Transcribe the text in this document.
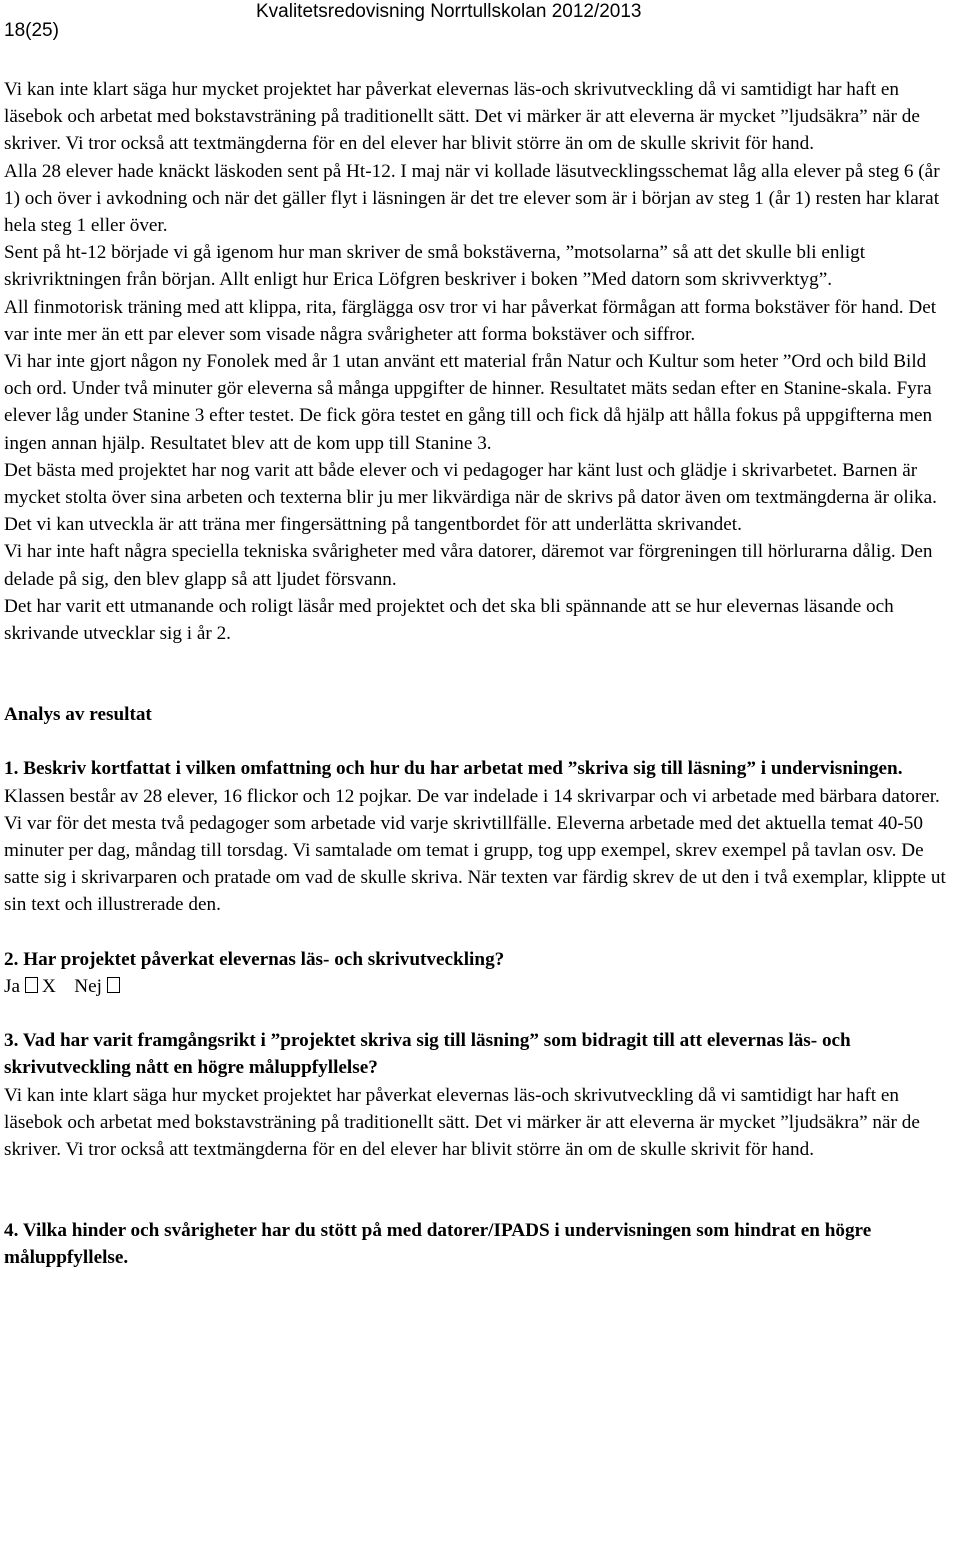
18(25)
Kvalitetsredovisning Norrtullskolan 2012/2013

Vi kan inte klart säga hur mycket projektet har påverkat elevernas läs-och skrivutveckling då vi samtidigt har haft en läsebok och arbetat med bokstavsträning på traditionellt sätt. Det vi märker är att eleverna är mycket ”ljudsäkra” när de skriver. Vi tror också att textmängderna för en del elever har blivit större än om de skulle skrivit för hand.

Alla 28 elever hade knäckt läskoden sent på Ht-12. I maj när vi kollade läsutvecklingsschemat låg alla elever på steg 6 (år 1) och över i avkodning och när det gäller flyt i läsningen är det tre elever som är i början av steg 1 (år 1) resten har klarat hela steg 1 eller över.

Sent på ht-12 började vi gå igenom hur man skriver de små bokstäverna, ”motsolarna” så att det skulle bli enligt skrivriktningen från början. Allt enligt hur Erica Löfgren beskriver i boken ”Med datorn som skrivverktyg”.

All finmotorisk träning med att klippa, rita, färglägga osv tror vi har påverkat förmågan att forma bokstäver för hand. Det var inte mer än ett par elever som visade några svårigheter att forma bokstäver och siffror.

Vi har inte gjort någon ny Fonolek med år 1 utan använt ett material från Natur och Kultur som heter ”Ord och bild Bild och ord. Under två minuter gör eleverna så många uppgifter de hinner. Resultatet mäts sedan efter en Stanine-skala. Fyra elever låg under Stanine 3 efter testet. De fick göra testet en gång till och fick då hjälp att hålla fokus på uppgifterna men ingen annan hjälp. Resultatet blev att de kom upp till Stanine 3.

Det bästa med projektet har nog varit att både elever och vi pedagoger har känt lust och glädje i skrivarbetet. Barnen är mycket stolta över sina arbeten och texterna blir ju mer likvärdiga när de skrivs på dator även om textmängderna är olika.

Det vi kan utveckla är att träna mer fingersättning på tangentbordet för att underlätta skrivandet.

Vi har inte haft några speciella tekniska svårigheter med våra datorer, däremot var förgreningen till hörlurarna dålig. Den delade på sig, den blev glapp så att ljudet försvann.

Det har varit ett utmanande och roligt läsår med projektet och det ska bli spännande att se hur elevernas läsande och skrivande utvecklar sig i år 2.

Analys av resultat
1. Beskriv kortfattat i vilken omfattning och hur du har arbetat med ”skriva sig till läsning” i undervisningen.

Klassen består av 28 elever, 16 flickor och 12 pojkar. De var indelade i 14 skrivarpar och vi arbetade med bärbara datorer. Vi var för det mesta två pedagoger som arbetade vid varje skrivtillfälle. Eleverna arbetade med det aktuella temat 40-50 minuter per dag, måndag till torsdag. Vi samtalade om temat i grupp, tog upp exempel, skrev exempel på tavlan osv. De satte sig i skrivarparen och pratade om vad de skulle skriva. När texten var färdig skrev de ut den i två exemplar, klippte ut sin text och illustrerade den.

2. Har projektet påverkat elevernas läs- och skrivutveckling?

Ja X Nej

3. Vad har varit framgångsrikt i ”projektet skriva sig till läsning” som bidragit till att elevernas läs- och skrivutveckling nått en högre måluppfyllelse?

Vi kan inte klart säga hur mycket projektet har påverkat elevernas läs-och skrivutveckling då vi samtidigt har haft en läsebok och arbetat med bokstavsträning på traditionellt sätt. Det vi märker är att eleverna är mycket ”ljudsäkra” när de skriver. Vi tror också att textmängderna för en del elever har blivit större än om de skulle skrivit för hand.

4. Vilka hinder och svårigheter har du stött på med datorer/IPADS i undervisningen som hindrat en högre måluppfyllelse.
